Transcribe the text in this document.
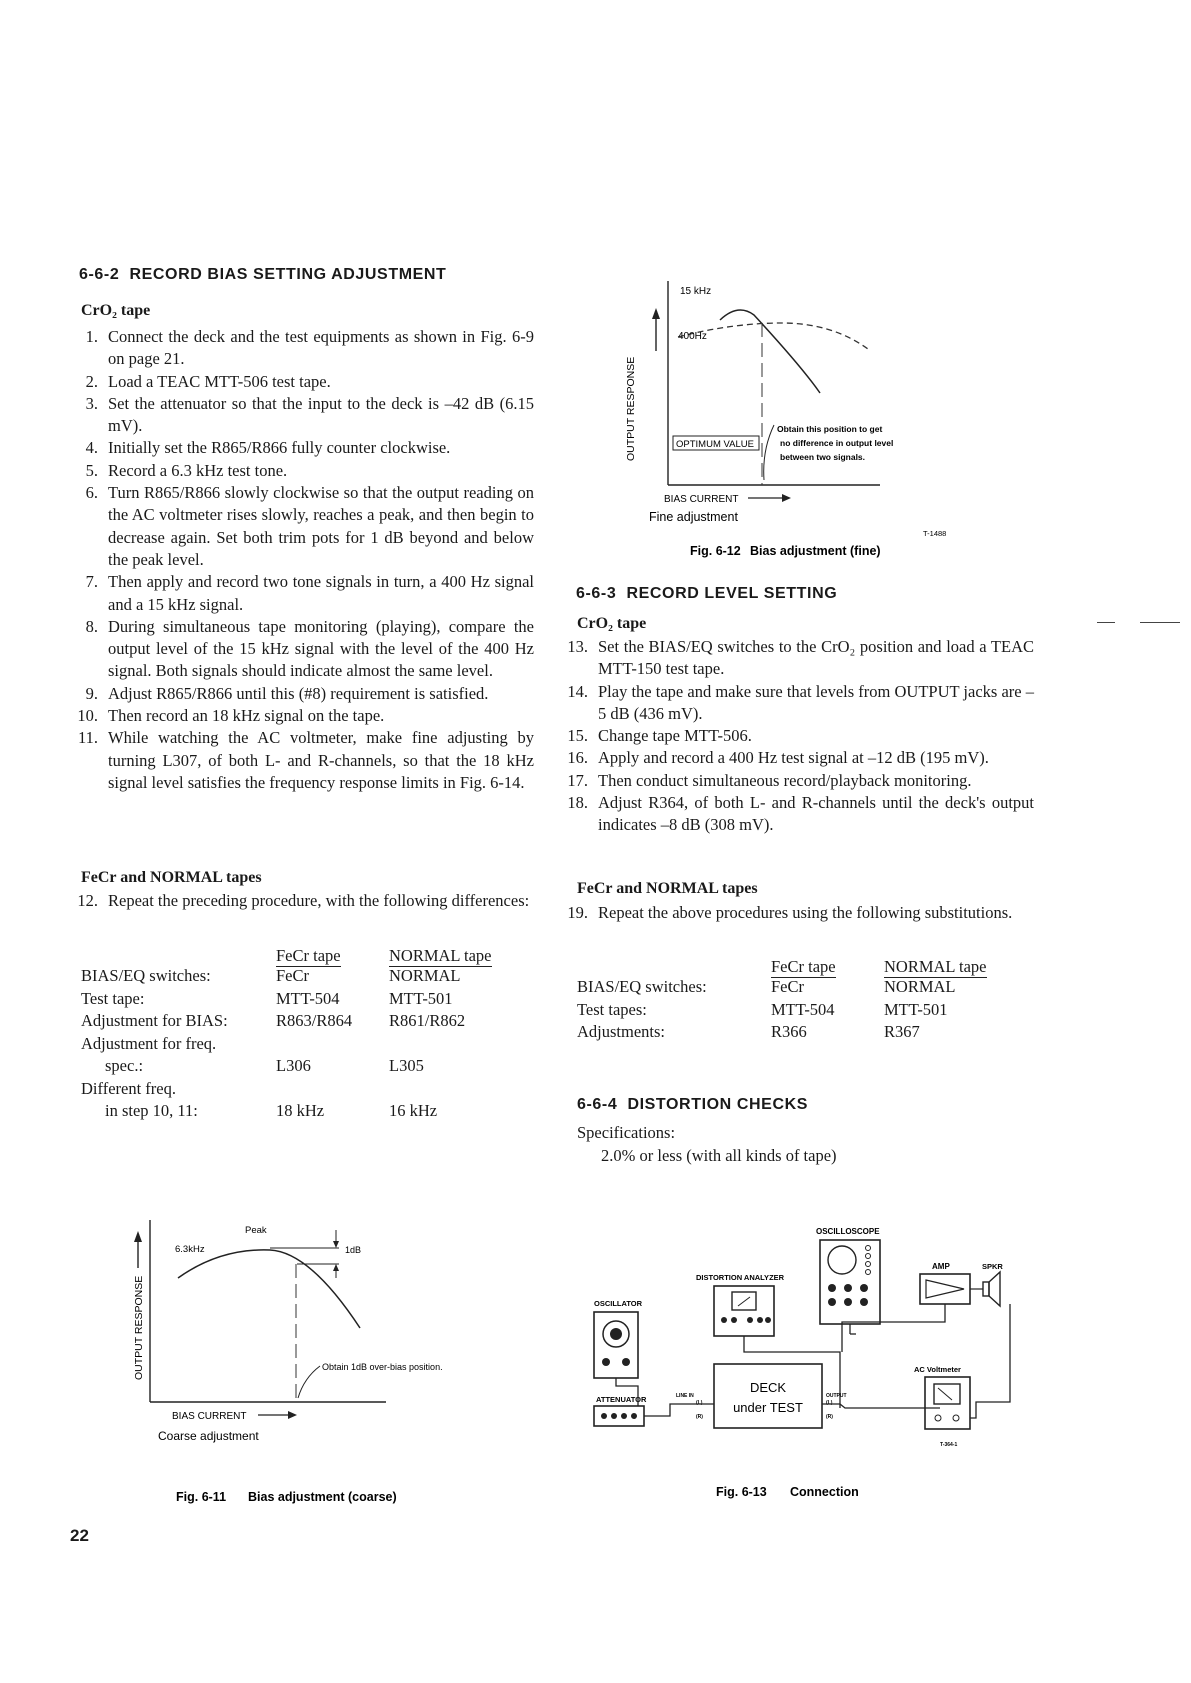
6-6-2 RECORD BIAS SETTING ADJUSTMENT
CrO₂ tape
1. Connect the deck and the test equipments as shown in Fig. 6-9 on page 21.
2. Load a TEAC MTT-506 test tape.
3. Set the attenuator so that the input to the deck is –42 dB (6.15 mV).
4. Initially set the R865/R866 fully counter clockwise.
5. Record a 6.3 kHz test tone.
6. Turn R865/R866 slowly clockwise so that the output reading on the AC voltmeter rises slowly, reaches a peak, and then begin to decrease again. Set both trim pots for 1 dB beyond and below the peak level.
7. Then apply and record two tone signals in turn, a 400 Hz signal and a 15 kHz signal.
8. During simultaneous tape monitoring (playing), compare the output level of the 15 kHz signal with the level of the 400 Hz signal. Both signals should indicate almost the same level.
9. Adjust R865/R866 until this (#8) requirement is satisfied.
10. Then record an 18 kHz signal on the tape.
11. While watching the AC voltmeter, make fine adjusting by turning L307, of both L- and R-channels, so that the 18 kHz signal level satisfies the frequency response limits in Fig. 6-14.
FeCr and NORMAL tapes
12. Repeat the preceding procedure, with the following differences:
	FeCr tape	NORMAL tape
BIAS/EQ switches:	FeCr	NORMAL
Test tape:	MTT-504	MTT-501
Adjustment for BIAS:	R863/R864	R861/R862
Adjustment for freq.		
spec.:	L306	L305
Different freq.		
in step 10, 11:	18 kHz	16 kHz
OUTPUT RESPONSE
15 kHz
400Hz
OPTIMUM VALUE
Obtain this position to get
no difference in output level
between two signals.
BIAS CURRENT
Fine adjustment
T-1488
Fig. 6-12 Bias adjustment (fine)
6-6-3 RECORD LEVEL SETTING
CrO₂ tape
13. Set the BIAS/EQ switches to the CrO₂ position and load a TEAC MTT-150 test tape.
14. Play the tape and make sure that levels from OUTPUT jacks are –5 dB (436 mV).
15. Change tape MTT-506.
16. Apply and record a 400 Hz test signal at –12 dB (195 mV).
17. Then conduct simultaneous record/playback monitoring.
18. Adjust R364, of both L- and R-channels until the deck's output indicates –8 dB (308 mV).
FeCr and NORMAL tapes
19. Repeat the above procedures using the following substitutions.
	FeCr tape	NORMAL tape
BIAS/EQ switches:	FeCr	NORMAL
Test tapes:	MTT-504	MTT-501
Adjustments:	R366	R367
6-6-4 DISTORTION CHECKS
Specifications:
2.0% or less (with all kinds of tape)
OUTPUT RESPONSE
1dB
Peak
6.3kHz
Obtain 1dB over-bias position.
BIAS CURRENT
Coarse adjustment
Fig. 6-11 Bias adjustment (coarse)
OSCILLOSCOPE
AMP	SPKR
DISTORTION ANALYZER
OSCILLATOR
ATTENUATOR
DECK
under TEST
LINE IN
(L)
(R)
OUTPUT
(L)
(R)
AC Voltmeter
T-364-1
Fig. 6-13 Connection
22
